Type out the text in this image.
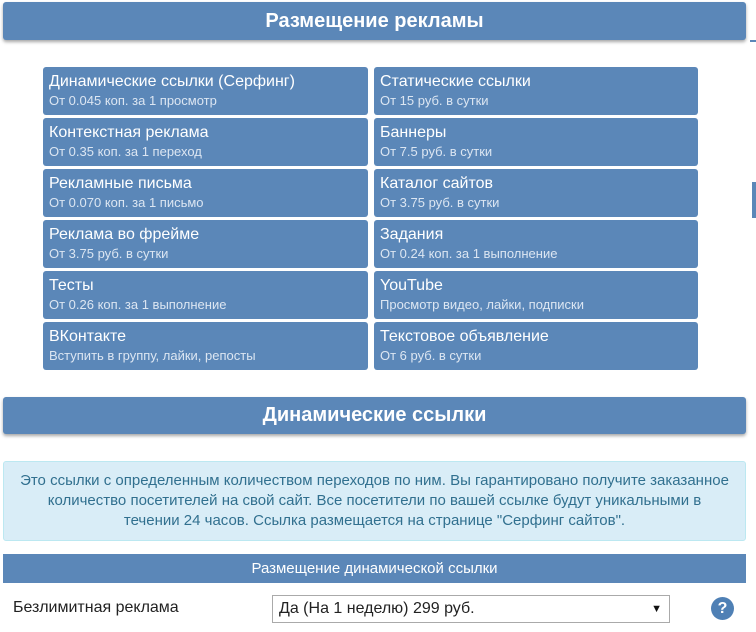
Размещение рекламы
Динамические ссылки (Серфинг)
От 0.045 коп. за 1 просмотр
Статические ссылки
От 15 руб. в сутки
Контекстная реклама
От 0.35 коп. за 1 переход
Баннеры
От 7.5 руб. в сутки
Рекламные письма
От 0.070 коп. за 1 письмо
Каталог сайтов
От 3.75 руб. в сутки
Реклама во фрейме
От 3.75 руб. в сутки
Задания
От 0.24 коп. за 1 выполнение
Тесты
От 0.26 коп. за 1 выполнение
YouTube
Просмотр видео, лайки, подписки
ВКонтакте
Вступить в группу, лайки, репосты
Текстовое объявление
От 6 руб. в сутки
Динамические ссылки
Это ссылки с определенным количеством переходов по ним. Вы гарантировано получите заказанное количество посетителей на свой сайт. Все посетители по вашей ссылке будут уникальными в течении 24 часов. Ссылка размещается на странице "Серфинг сайтов".
Размещение динамической ссылки
Безлимитная реклама	Да (На 1 неделю) 299 руб.	▼	?
